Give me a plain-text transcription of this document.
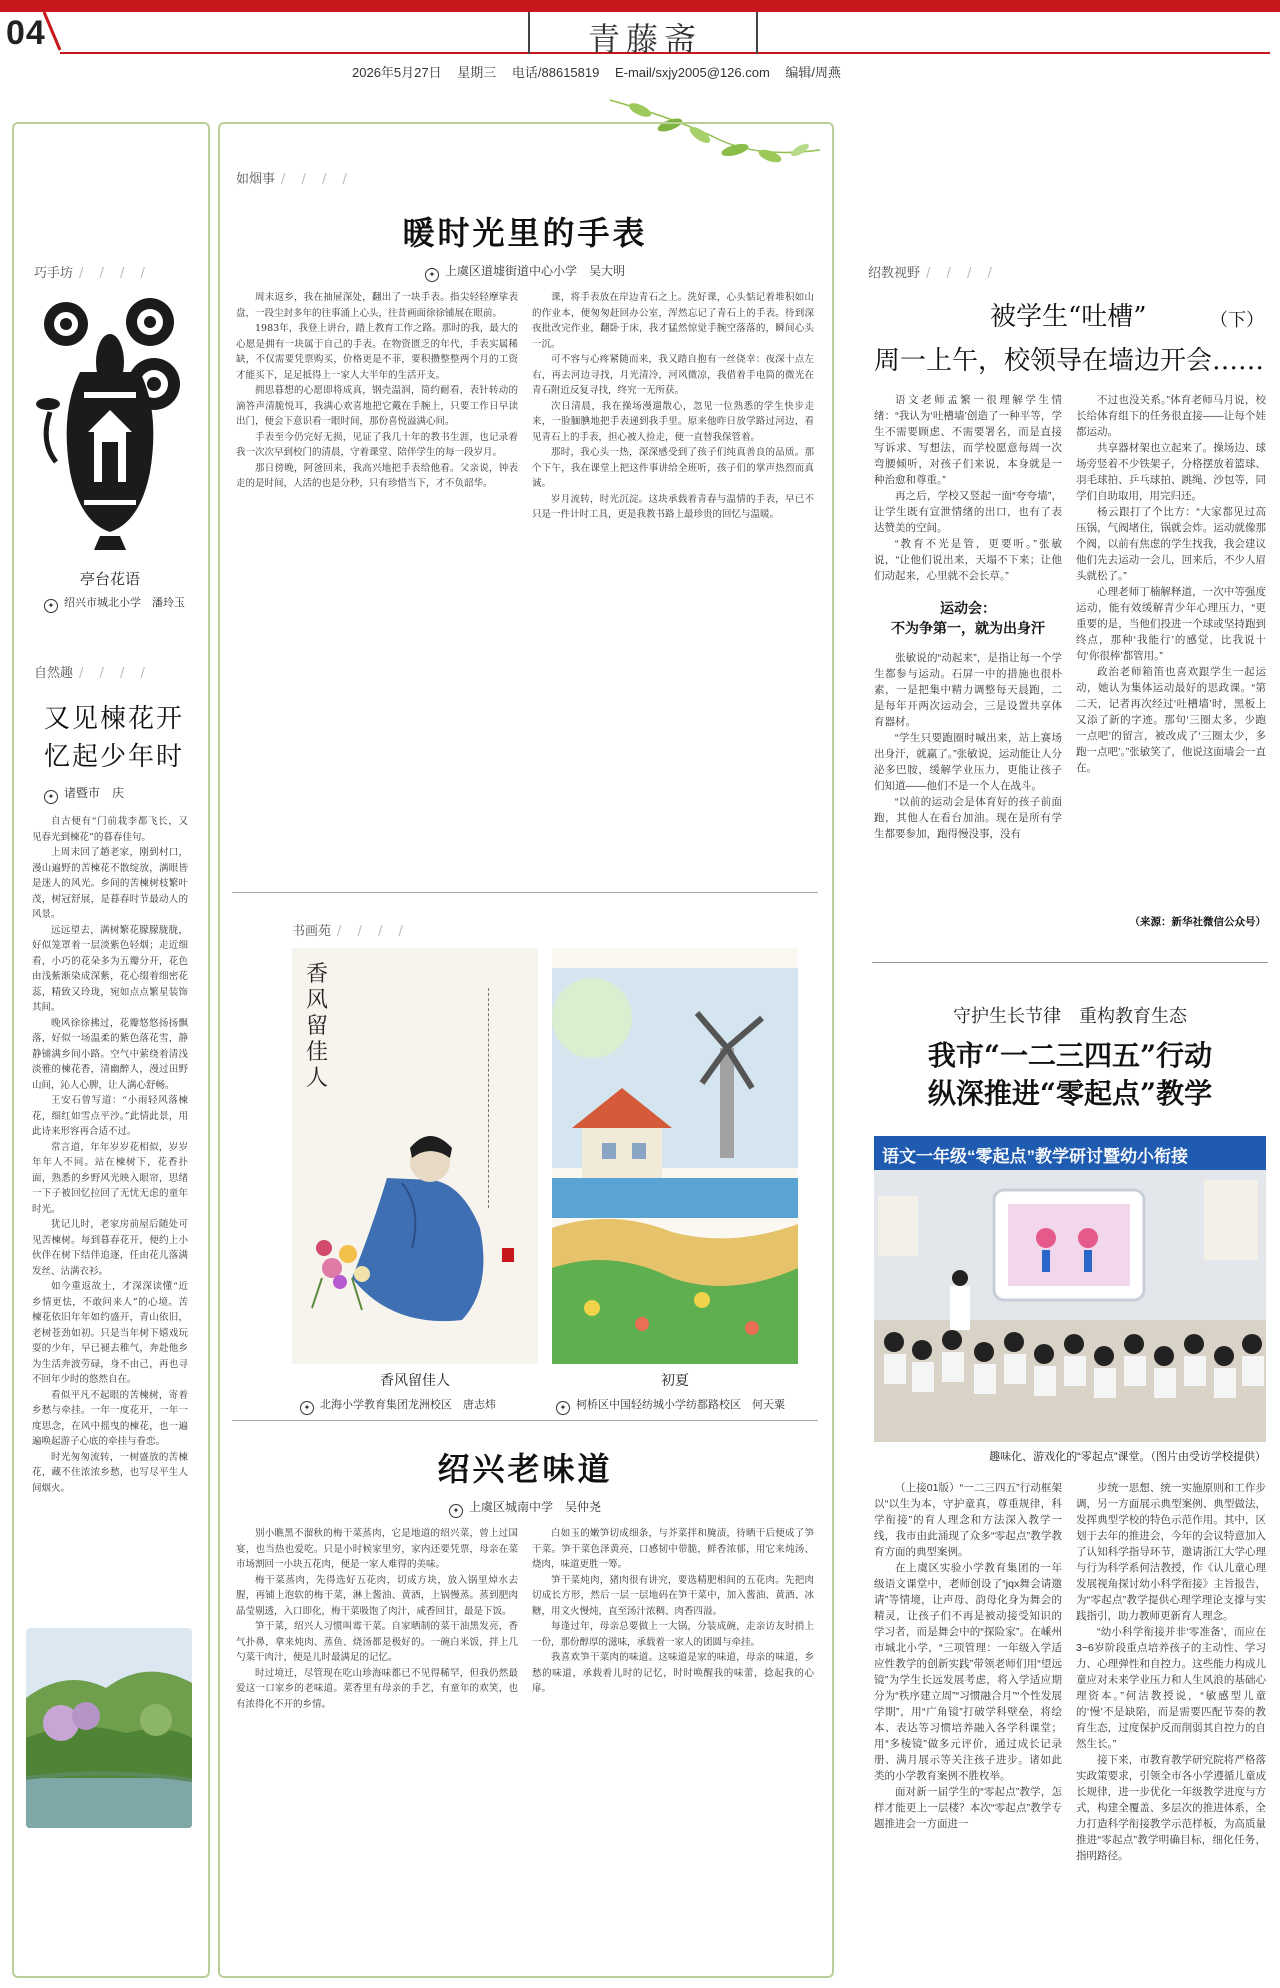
04	青藤斋
2026年5月27日 星期三 电话/88615819 E-mail/sxjy2005@126.com 编辑/周燕
巧手坊 / / / /
亭台花语
✦ 绍兴市城北小学　潘玲玉
自然趣 / / / /
又见楝花开
忆起少年时
✦ 诸暨市　庆

自古便有“门前栽李都飞长，又见春光到楝花”的暮春佳句。

上周末回了趟老家，刚到村口，漫山遍野的苦楝花不散绽放，满眼皆是迷人的风光。乡间的苦楝树枝繁叶茂，树冠舒展，是暮春时节最动人的风景。

远远望去，满树繁花朦朦胧胧，好似笼罩着一层淡紫色轻烟；走近细看，小巧的花朵多为五瓣分开，花色由浅紫渐染成深紫，花心缀着细密花蕊，精致又玲珑，宛如点点繁星装饰其间。

晚风徐徐拂过，花瓣悠悠扬扬飘落，好似一场温柔的紫色落花雪，静静铺满乡间小路。空气中萦绕着清浅淡雅的楝花香，清幽醉人，漫过田野山间，沁人心脾，让人满心舒畅。

王安石曾写道：“小雨轻风落楝花，细红如雪点平沙。”此情此景，用此诗来形容再合适不过。

常言道，年年岁岁花相似，岁岁年年人不同。站在楝树下，花香扑面，熟悉的乡野风光映入眼帘，思绪一下子被回忆拉回了无忧无虑的童年时光。

犹记儿时，老家房前屋后随处可见苦楝树。每到暮春花开，便约上小伙伴在树下结伴追逐，任由花儿落满发丝、沾满衣衫。

如今重返故土，才深深读懂“近乡情更怯，不敢问来人”的心境。苦楝花依旧年年如约盛开，青山依旧，老树苍劲如初。只是当年树下嬉戏玩耍的少年，早已褪去稚气，奔赴他乡为生活奔波劳碌，身不由己，再也寻不回年少时的悠然自在。

看似平凡不起眼的苦楝树，寄着乡愁与牵挂。一年一度花开，一年一度思念，在风中摇曳的楝花，也一遍遍唤起游子心底的牵挂与眷恋。

时光匆匆流转，一树盛放的苦楝花，藏不住浓浓乡愁，也写尽平生人间烟火。

如烟事 / / / /
暖时光里的手表
✦ 上虞区道墟街道中心小学　吴大明

周末返乡，我在抽屉深处，翻出了一块手表。指尖轻轻摩挲表盘，一段尘封多年的往事涌上心头，往昔画面徐徐铺展在眼前。

1983年，我登上讲台，踏上教育工作之路。那时的我，最大的心愿是拥有一块属于自己的手表。在物资匮乏的年代，手表实属稀缺，不仅需要凭票购买，价格更是不菲，要积攒整整两个月的工资才能买下，足足抵得上一家人大半年的生活开支。

拥思暮想的心愿即将成真，钢壳温润，简约耐看，表针转动的滴答声清脆悦耳，我满心欢喜地把它戴在手腕上，只要工作日早读出门，便会下意识看一眼时间，那份喜悦溢满心间。

手表至今仍完好无损，见证了我几十年的教书生涯，也记录着我一次次早到校门的清晨，守着课堂、陪伴学生的每一段岁月。

那日傍晚，阿爸回来，我高兴地把手表给他看。父亲说，钟表走的是时间，人活的也是分秒，只有珍惜当下，才不负韶华。

课，将手表放在岸边青石之上。洗好课，心头惦记着堆积如山的作业本，便匆匆赶回办公室，浑然忘记了青石上的手表。待到深夜批改完作业，翻卧于床，我才猛然惊觉手腕空落落的，瞬间心头一沉。

可不容与心疼紧随而来，我又踏自抱有一丝侥幸：夜深十点左右，再去河边寻找，月光清冷，河风微凉，我借着手电筒的微光在青石附近反复寻找，终究一无所获。

次日清晨，我在操场漫遛散心，忽见一位熟悉的学生快步走来，一脸腼腆地把手表递到我手里。原来他昨日放学路过河边，看见青石上的手表，担心被人捡走，便一直替我保管着。

那时，我心头一热，深深感受到了孩子们纯真善良的品质。那个下午，我在课堂上把这件事讲给全班听，孩子们的掌声热烈而真诚。

岁月流转，时光沉淀。这块承载着青春与温情的手表，早已不只是一件计时工具，更是我教书路上最珍贵的回忆与温暖。

书画苑 / / / /
香风留佳人
香风留佳人
✦ 北海小学教育集团龙洲校区　唐志炜
初夏
✦ 柯桥区中国轻纺城小学纺都路校区　何天粟
绍兴老味道
✦ 上虞区城南中学　吴仲尧

别小瞧黑不溜秋的梅干菜蒸肉，它是地道的绍兴菜，曾上过国宴，也当热也爱吃。只是小时候家里穷，家内还要凭票，母亲在菜市场割回一小块五花肉，便是一家人难得的美味。

梅干菜蒸肉，先得选好五花肉，切成方块，放入锅里焯水去腥，再铺上泡软的梅干菜，淋上酱油、黄酒，上锅慢蒸。蒸到肥肉晶莹剔透，入口即化，梅干菜吸饱了肉汁，咸香回甘，最是下饭。

笋干菜，绍兴人习惯叫霉干菜。自家晒制的菜干油黑发亮，香气扑鼻，拿来炖肉、蒸鱼、烧汤都是极好的。一碗白米饭，拌上几勺菜干肉汁，便是儿时最满足的记忆。

时过境迁，尽管现在吃山珍海味都已不见得稀罕，但我仍然最爱这一口家乡的老味道。菜香里有母亲的手艺，有童年的欢笑，也有浓得化不开的乡情。

白如玉的嫩笋切成细条，与芥菜拌和腌渍，待晒干后便成了笋干菜。笋干菜色泽黄亮，口感韧中带脆，鲜香浓郁，用它来炖汤、烧肉，味道更胜一筹。

笋干菜炖肉，猪肉很有讲究，要选精肥相间的五花肉。先把肉切成长方形，然后一层一层地码在笋干菜中，加入酱油、黄酒、冰糖，用文火慢炖，直至汤汁浓稠、肉香四溢。

每逢过年，母亲总要做上一大锅，分装成碗，走亲访友时捎上一份，那份醇厚的滋味，承载着一家人的团圆与牵挂。

我喜欢笋干菜肉的味道。这味道是家的味道，母亲的味道，乡愁的味道，承载着儿时的记忆，时时唤醒我的味蕾，捻起我的心扉。

绍教视野 / / / /
被学生“吐槽”	（下）
周一上午，校领导在墙边开会……

语文老师孟繁一很理解学生情绪：“我认为‘吐槽墙’创造了一种平等，学生不需要顾虑、不需要署名，而是直接写诉求、写想法，而学校愿意每周一次弯腰倾听，对孩子们来说，本身就是一种治愈和尊重。”

再之后，学校又竖起一面“夸夸墙”，让学生既有宣泄情绪的出口，也有了表达赞美的空间。

“教育不光是管，更要听。”张敏说，“让他们说出来，天塌不下来；让他们动起来，心里就不会长草。”

运动会：
不为争第一，就为出身汗

张敏说的“动起来”，是指让每一个学生都参与运动。石屏一中的措施也很朴素，一是把集中精力调整每天晨跑，二是每年开两次运动会，三是设置共享体育器材。

“学生只要跑圈时喊出来，站上赛场出身汗，就赢了。”张敏说，运动能让人分泌多巴胺，缓解学业压力，更能让孩子们知道——他们不是一个人在战斗。

“以前的运动会是体育好的孩子前面跑，其他人在看台加油。现在是所有学生都要参加，跑得慢没事，没有

不过也没关系。”体育老师马月说，校长给体育组下的任务很直接——让每个娃都运动。

共享器材架也立起来了。操场边、球场旁竖着不少铁架子，分格摆放着篮球、羽毛球拍、乒乓球拍、跳绳、沙包等，同学们自助取用，用完归还。

杨云跟打了个比方：“大家都见过高压锅，气阀堵住，锅就会炸。运动就像那个阀，以前有焦虑的学生找我，我会建议他们先去运动一会儿，回来后，不少人眉头就松了。”

心理老师丁楠解释道，一次中等强度运动，能有效缓解青少年心理压力，“更重要的是，当他们投进一个球或坚持跑到终点，那种‘我能行’的感觉，比我说十句‘你很棒’都管用。”

政治老师箱笛也喜欢跟学生一起运动，她认为集体运动最好的思政课。“第二天，记者再次经过‘吐槽墙’时，黑板上又添了新的字迹。那句‘三圈太多，少跑一点吧’的留言，被改成了‘三圈太少，多跑一点吧’。”张敏笑了，他说这面墙会一直在。

（来源：新华社微信公众号）
守护生长节律　重构教育生态
我市“一二三四五”行动
纵深推进“零起点”教学
语文一年级“零起点”教学研讨暨幼小衔接
趣味化、游戏化的“零起点”课堂。（图片由受访学校提供）

（上接01版）“一二三四五”行动框架以“以生为本，守护童真，尊重规律，科学衔接”的育人理念和方法深入教学一线，我市由此涌现了众多“零起点”教学教育方面的典型案例。

在上虞区实验小学教育集团的一年级语文课堂中，老师创设了“jqx舞会请邀请”等情境，让声母、韵母化身为舞会的精灵，让孩子们不再是被动接受知识的学习者，而是舞会中的“探险家”。在嵊州市城北小学，“三项管理：一年级入学适应性教学的创新实践”带领老师们用“望远镜”为学生长远发展考虑，将入学适应期分为“秩序建立周”“习惯融合月”“个性发展学期”，用“广角镜”打破学科壁垒，将绘本、表达等习惯培养融入各学科课堂；用“多棱镜”做多元评价，通过成长记录册、满月展示等关注孩子进步。诸如此类的小学教育案例不胜枚举。

面对新一届学生的“零起点”教学，怎样才能更上一层楼？本次“零起点”教学专题推进会一方面进一

步统一思想、统一实施原则和工作步调，另一方面展示典型案例、典型做法，发挥典型学校的特色示范作用。其中，区划于去年的推进会，今年的会议特意加入了认知科学指导环节，邀请浙江大学心理与行为科学系何洁教授，作《认儿童心理发展视角探讨幼小科学衔接》主旨报告，为“零起点”教学提供心理学理论支撑与实践指引，助力教师更新育人理念。

“幼小科学衔接并非‘零准备’，而应在3~6岁阶段重点培养孩子的主动性、学习力、心理弹性和自控力。这些能力构成儿童应对未来学业压力和人生风浪的基础心理资本。”何洁教授说，“敏感型儿童的‘慢’不是缺陷，而是需要匹配节奏的教育生态，过度保护反而削弱其自控力的自然生长。”

接下来，市教育教学研究院将严格落实政策要求，引领全市各小学遵循儿童成长规律，进一步优化一年级教学进度与方式，构建全覆盖、多层次的推进体系，全力打造科学衔接教学示范样板，为高质量推进“零起点”教学明确目标，细化任务，指明路径。
